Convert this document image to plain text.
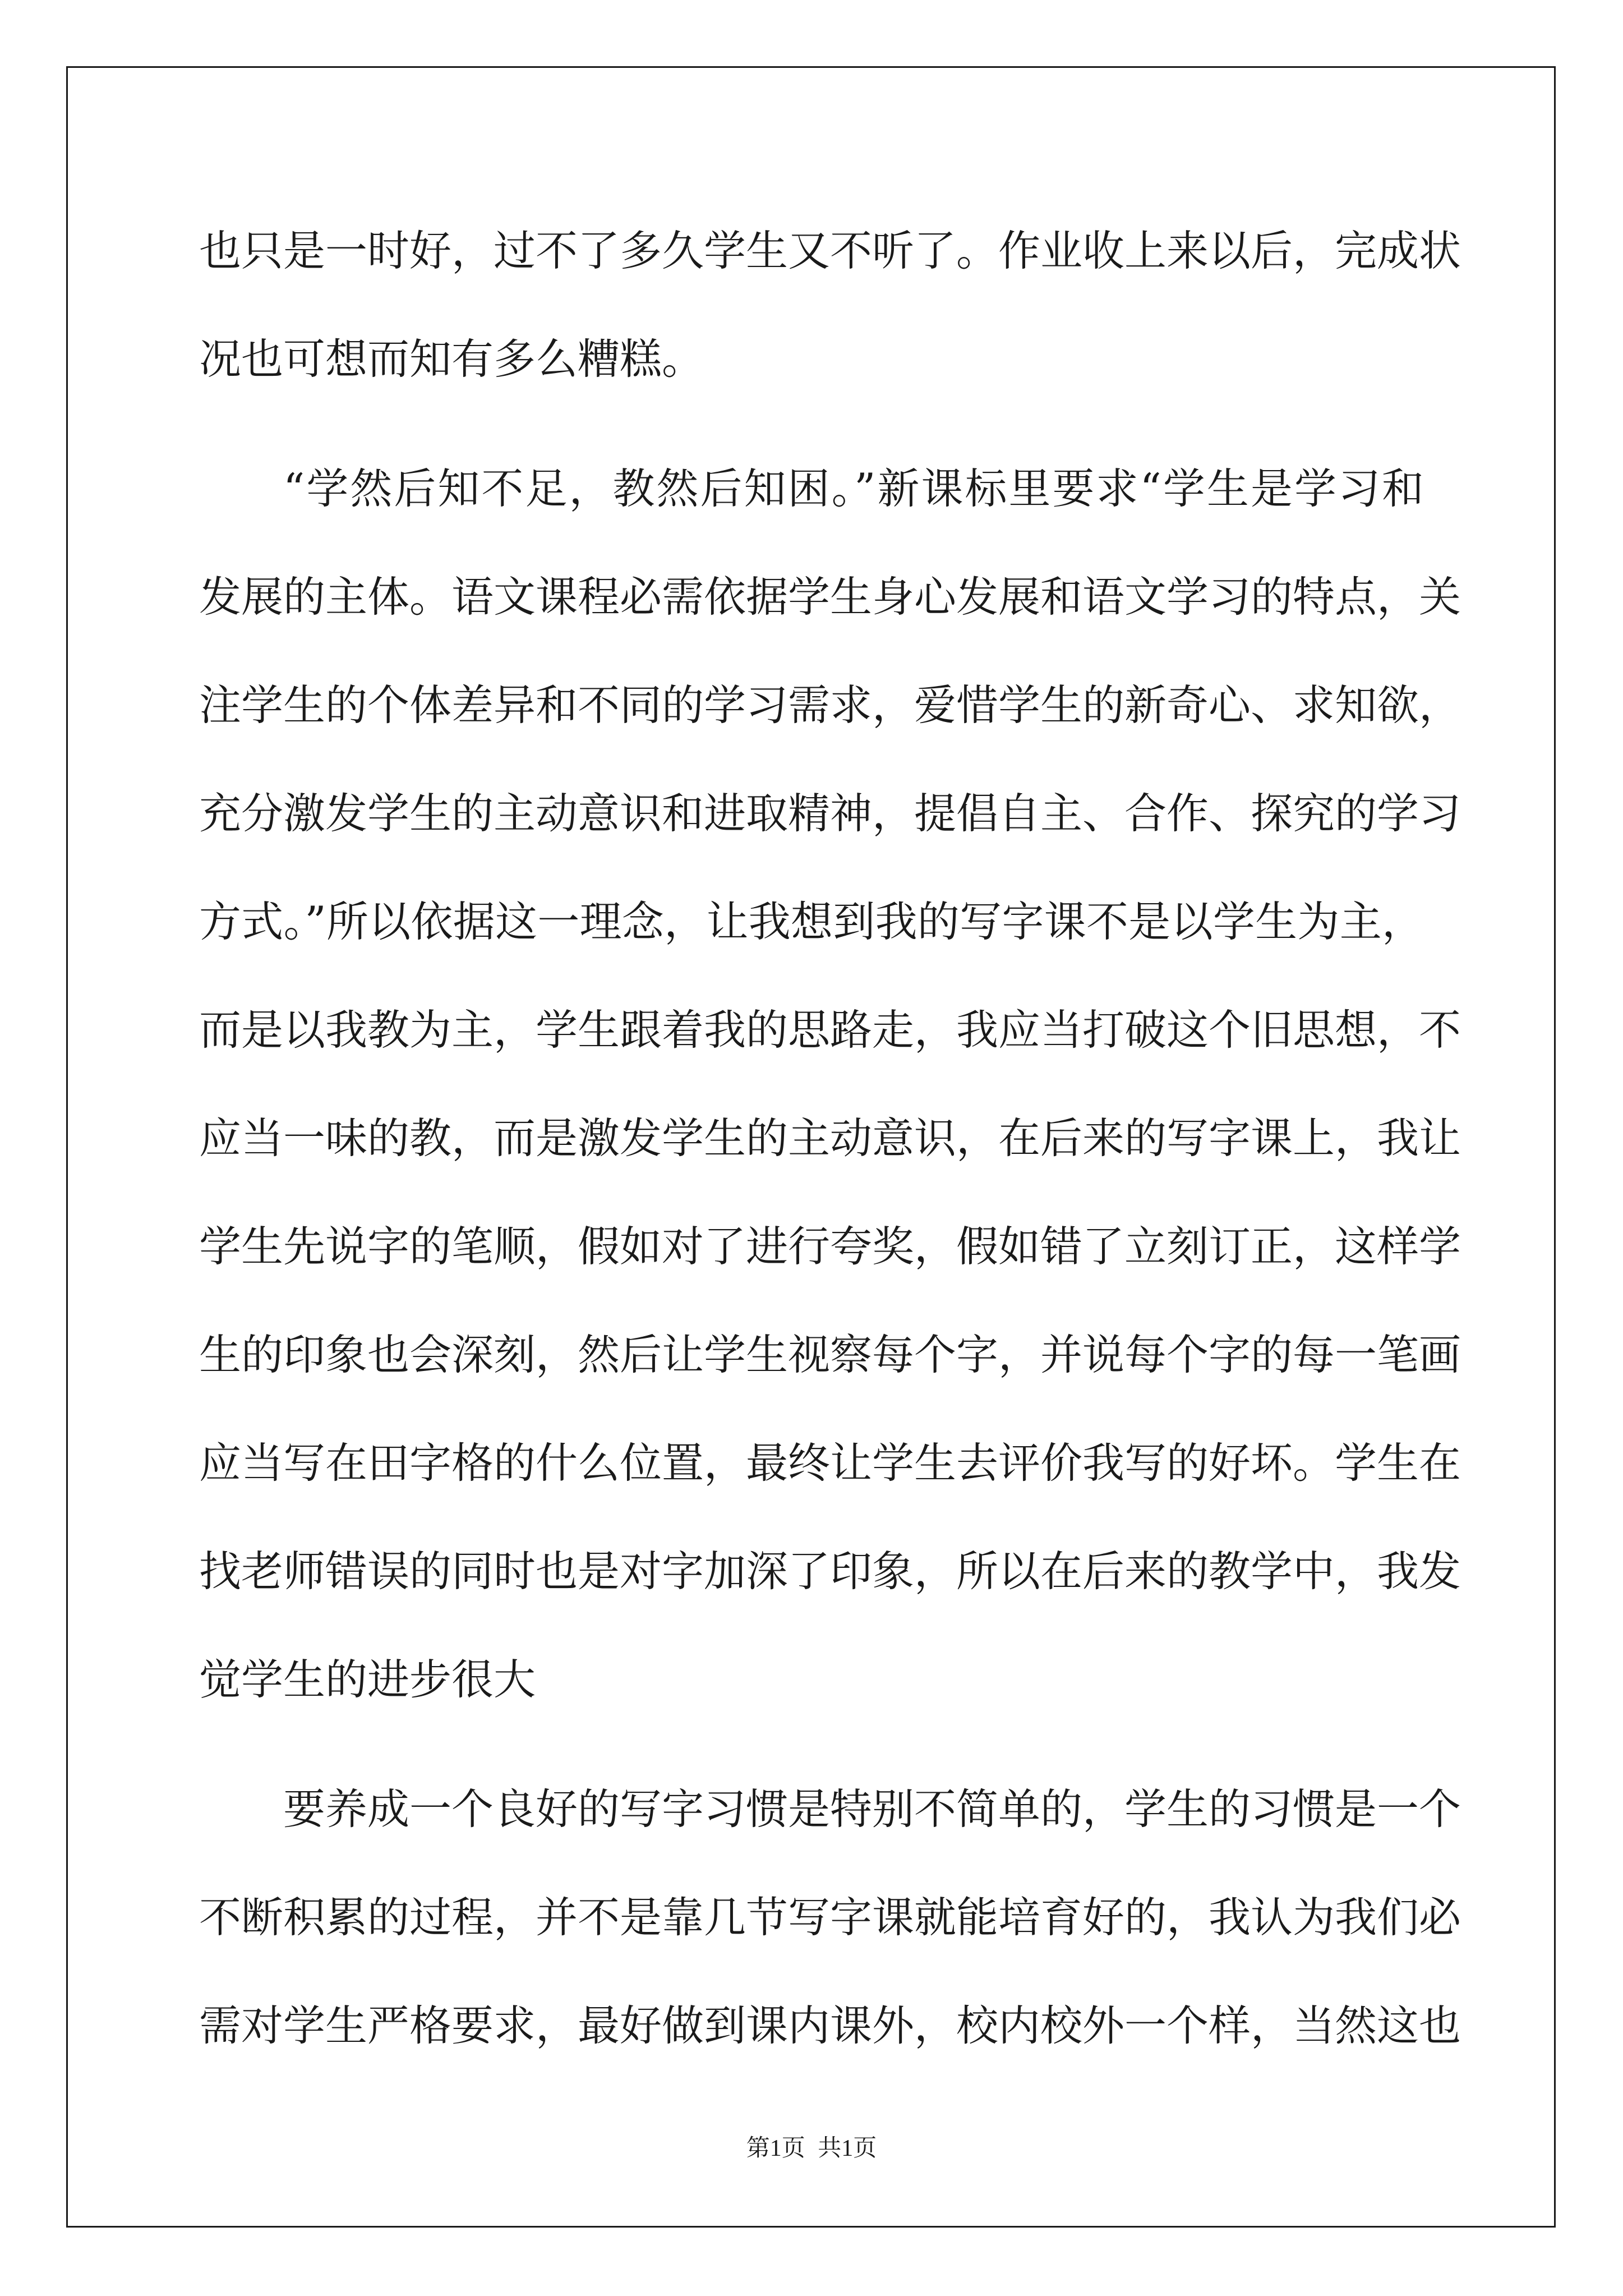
也只是一时好，过不了多久学生又不听了。作业收上来以后，完成状
况也可想而知有多么糟糕。
“学然后知不足，教然后知困。”新课标里要求“学生是学习和
发展的主体。语文课程必需依据学生身心发展和语文学习的特点，关
注学生的个体差异和不同的学习需求，爱惜学生的新奇心、求知欲，
充分激发学生的主动意识和进取精神，提倡自主、合作、探究的学习
方式。”所以依据这一理念，让我想到我的写字课不是以学生为主，
而是以我教为主，学生跟着我的思路走，我应当打破这个旧思想，不
应当一味的教，而是激发学生的主动意识，在后来的写字课上，我让
学生先说字的笔顺，假如对了进行夸奖，假如错了立刻订正，这样学
生的印象也会深刻，然后让学生视察每个字，并说每个字的每一笔画
应当写在田字格的什么位置，最终让学生去评价我写的好坏。学生在
找老师错误的同时也是对字加深了印象，所以在后来的教学中，我发
觉学生的进步很大
要养成一个良好的写字习惯是特别不简单的，学生的习惯是一个
不断积累的过程，并不是靠几节写字课就能培育好的，我认为我们必
需对学生严格要求，最好做到课内课外，校内校外一个样，当然这也
第1页 共1页
